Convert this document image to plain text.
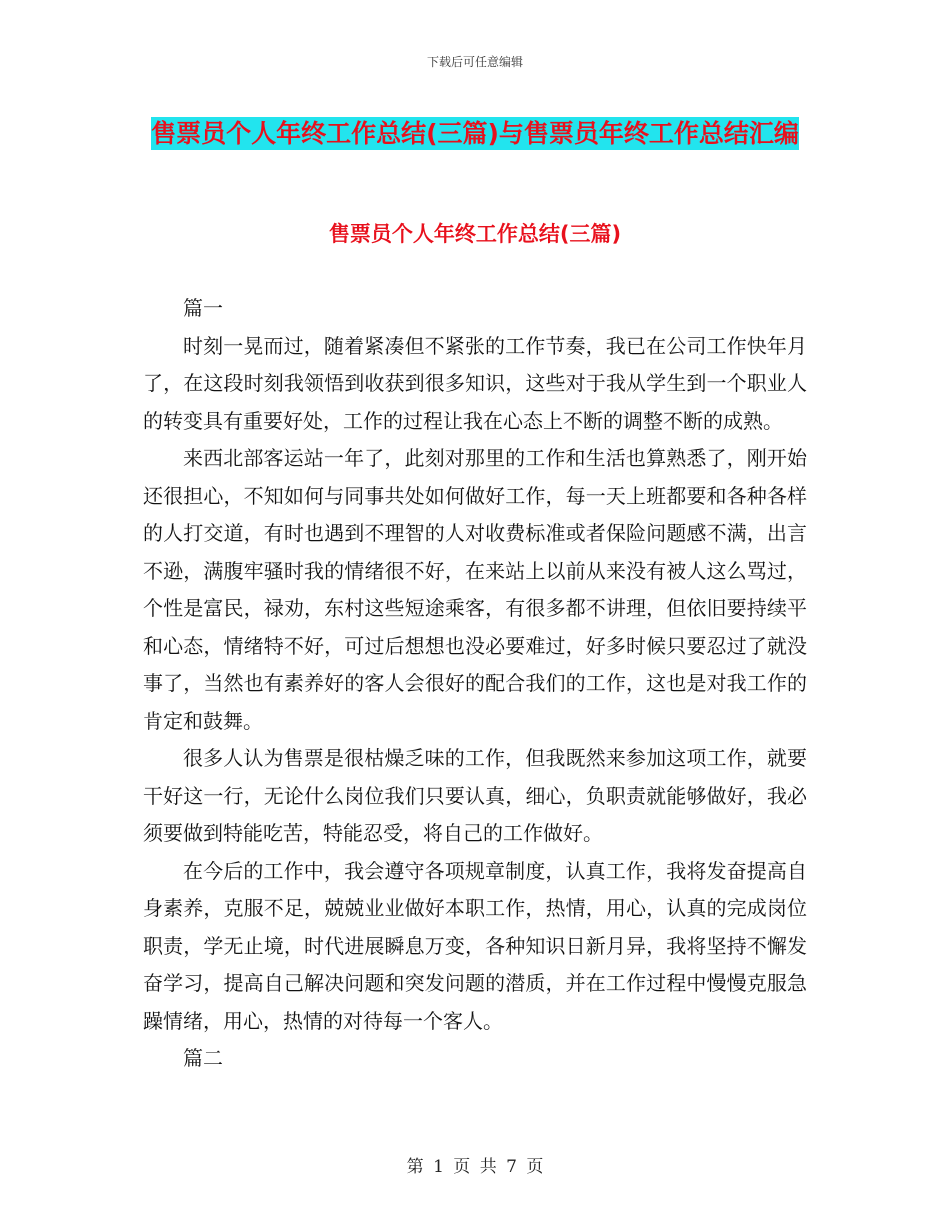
下载后可任意编辑
售票员个人年终工作总结(三篇)与售票员年终工作总结汇编
售票员个人年终工作总结(三篇)

篇一

时刻一晃而过，随着紧凑但不紧张的工作节奏，我已在公司工作快年月了，在这段时刻我领悟到收获到很多知识，这些对于我从学生到一个职业人的转变具有重要好处，工作的过程让我在心态上不断的调整不断的成熟。

来西北部客运站一年了，此刻对那里的工作和生活也算熟悉了，刚开始还很担心，不知如何与同事共处如何做好工作，每一天上班都要和各种各样的人打交道，有时也遇到不理智的人对收费标准或者保险问题感不满，出言不逊，满腹牢骚时我的情绪很不好，在来站上以前从来没有被人这么骂过，个性是富民，禄劝，东村这些短途乘客，有很多都不讲理，但依旧要持续平和心态，情绪特不好，可过后想想也没必要难过，好多时候只要忍过了就没事了，当然也有素养好的客人会很好的配合我们的工作，这也是对我工作的肯定和鼓舞。

很多人认为售票是很枯燥乏味的工作，但我既然来参加这项工作，就要干好这一行，无论什么岗位我们只要认真，细心，负职责就能够做好，我必须要做到特能吃苦，特能忍受，将自己的工作做好。

在今后的工作中，我会遵守各项规章制度，认真工作，我将发奋提高自身素养，克服不足，兢兢业业做好本职工作，热情，用心，认真的完成岗位职责，学无止境，时代进展瞬息万变，各种知识日新月异，我将坚持不懈发奋学习，提高自己解决问题和突发问题的潜质，并在工作过程中慢慢克服急躁情绪，用心，热情的对待每一个客人。

篇二

第 1 页 共 7 页
